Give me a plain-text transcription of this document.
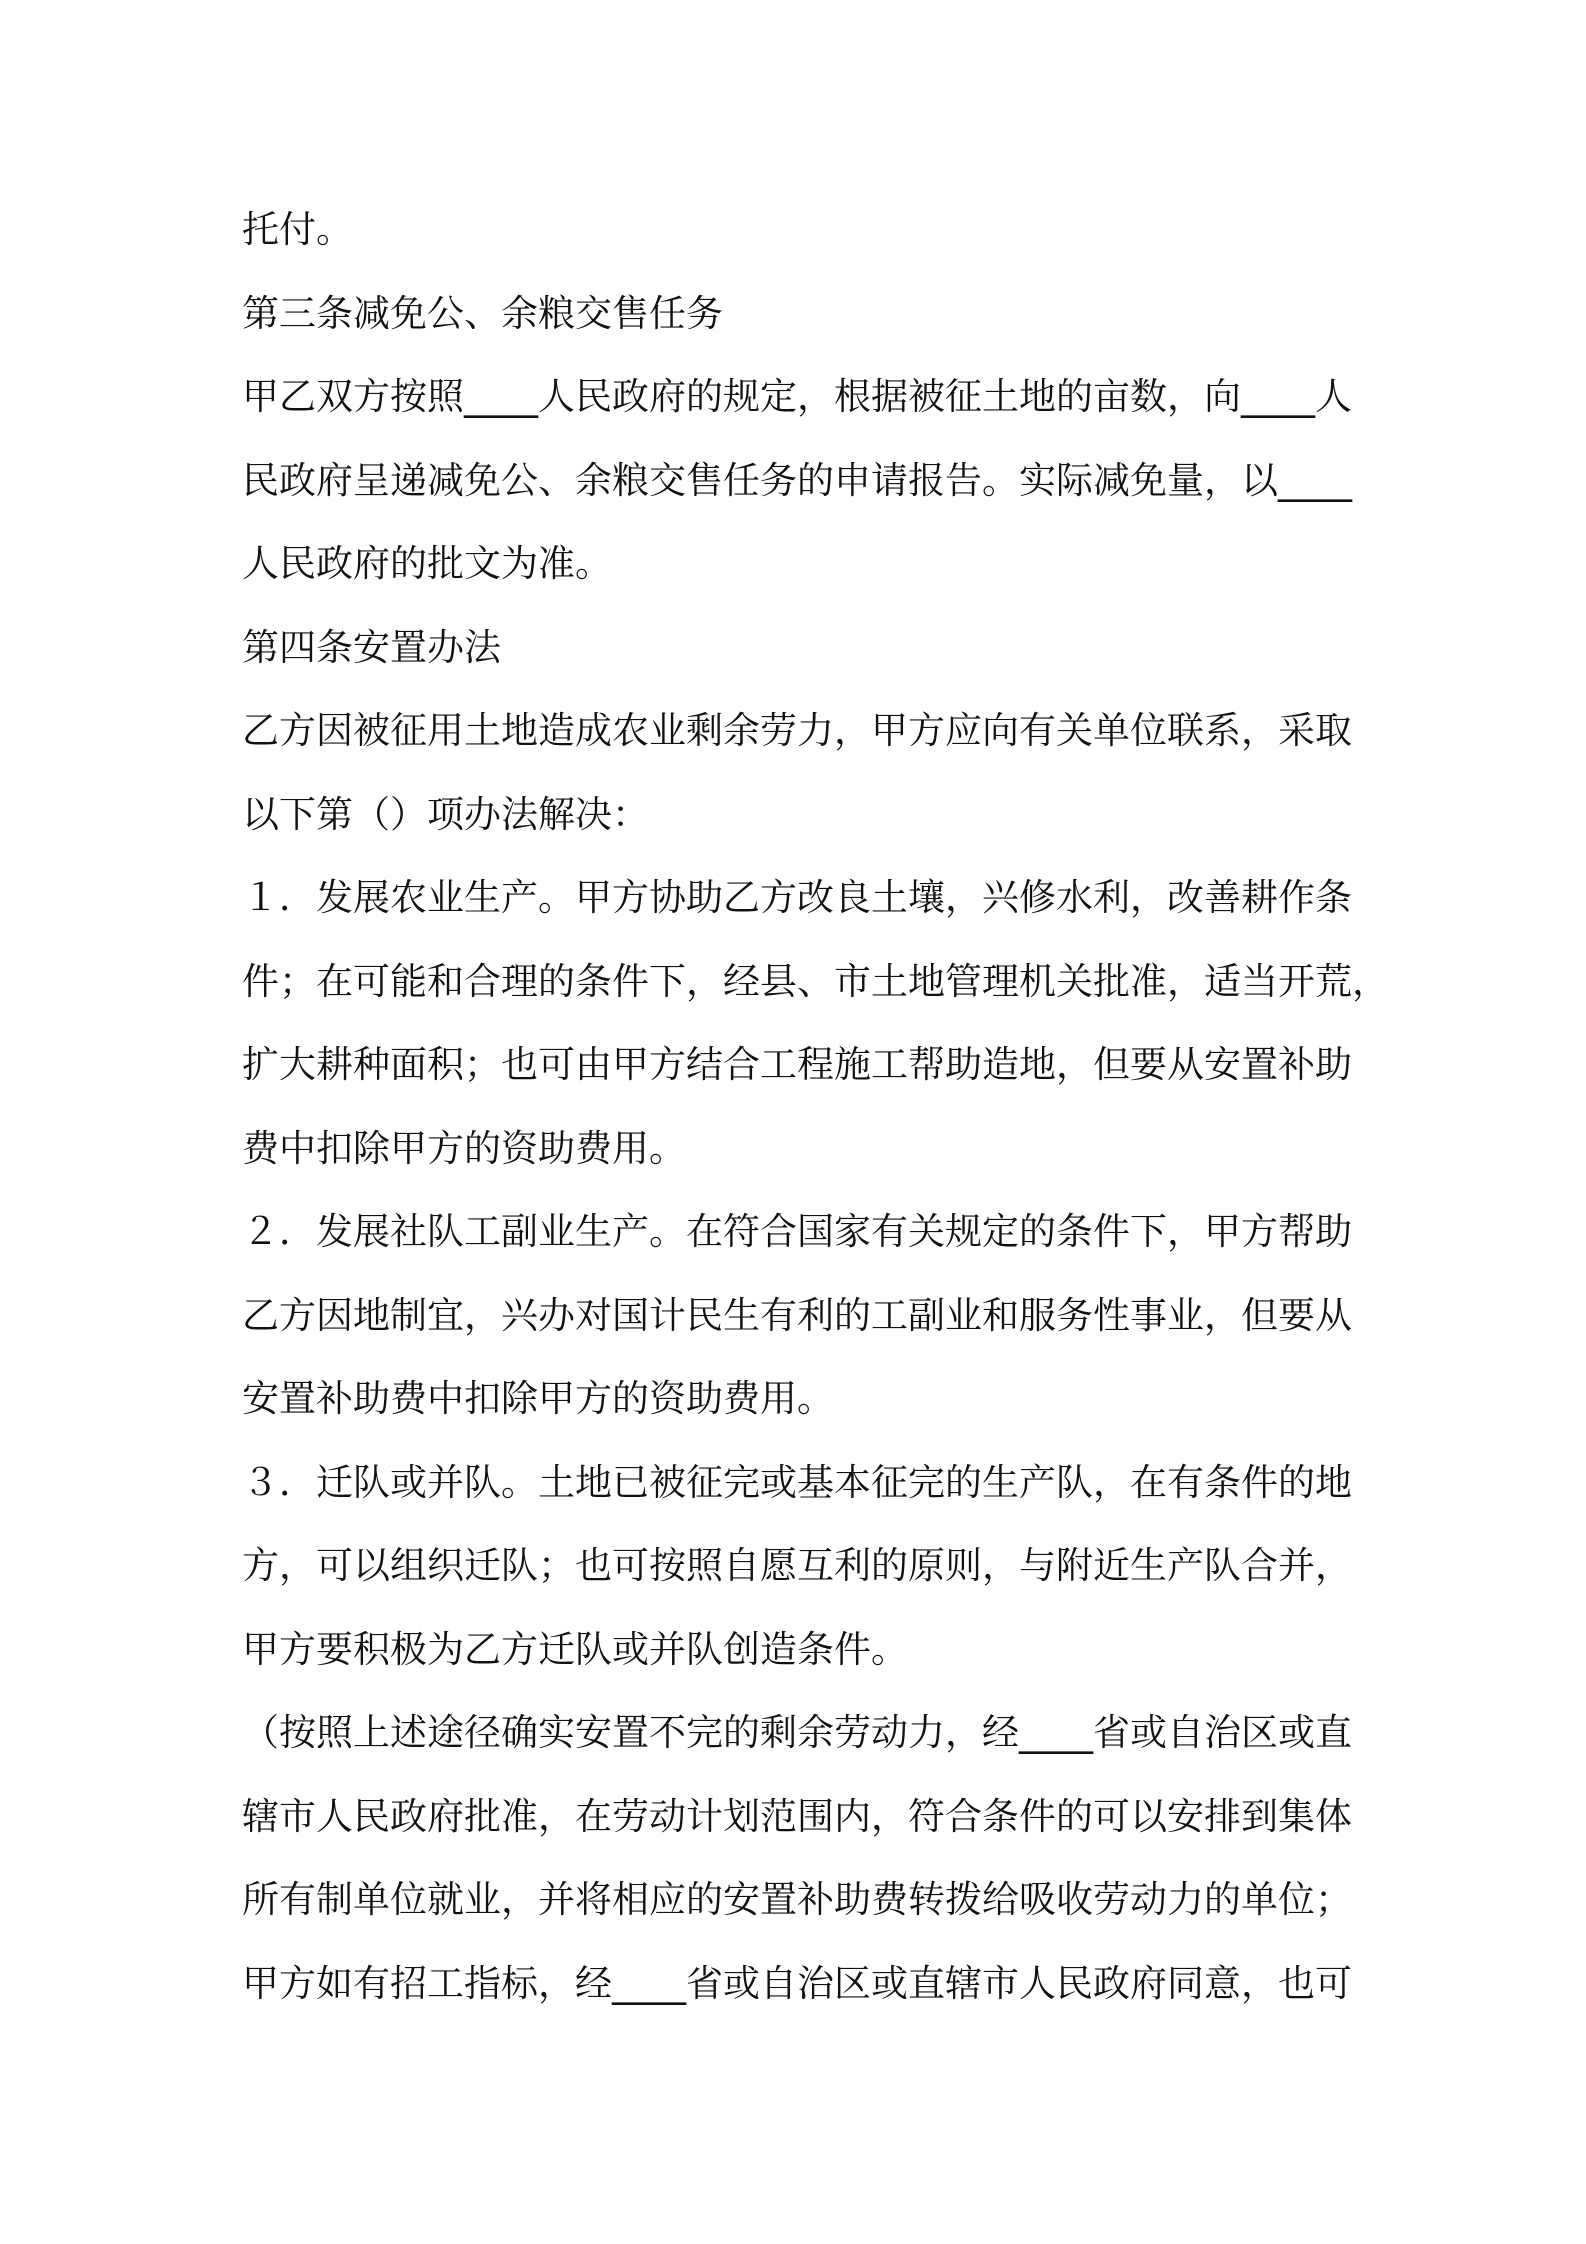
托付。
第三条减免公、余粮交售任务
甲乙双方按照____人民政府的规定，根据被征土地的亩数，向____人
民政府呈递减免公、余粮交售任务的申请报告。实际减免量，以____
人民政府的批文为准。
第四条安置办法
乙方因被征用土地造成农业剩余劳力，甲方应向有关单位联系，采取
以下第（）项办法解决：
１．发展农业生产。甲方协助乙方改良土壤，兴修水利，改善耕作条
件；在可能和合理的条件下，经县、市土地管理机关批准，适当开荒，
扩大耕种面积；也可由甲方结合工程施工帮助造地，但要从安置补助
费中扣除甲方的资助费用。
２．发展社队工副业生产。在符合国家有关规定的条件下，甲方帮助
乙方因地制宜，兴办对国计民生有利的工副业和服务性事业，但要从
安置补助费中扣除甲方的资助费用。
３．迁队或并队。土地已被征完或基本征完的生产队，在有条件的地
方，可以组织迁队；也可按照自愿互利的原则，与附近生产队合并，
甲方要积极为乙方迁队或并队创造条件。
（按照上述途径确实安置不完的剩余劳动力，经____省或自治区或直
辖市人民政府批准，在劳动计划范围内，符合条件的可以安排到集体
所有制单位就业，并将相应的安置补助费转拨给吸收劳动力的单位；
甲方如有招工指标，经____省或自治区或直辖市人民政府同意，也可
